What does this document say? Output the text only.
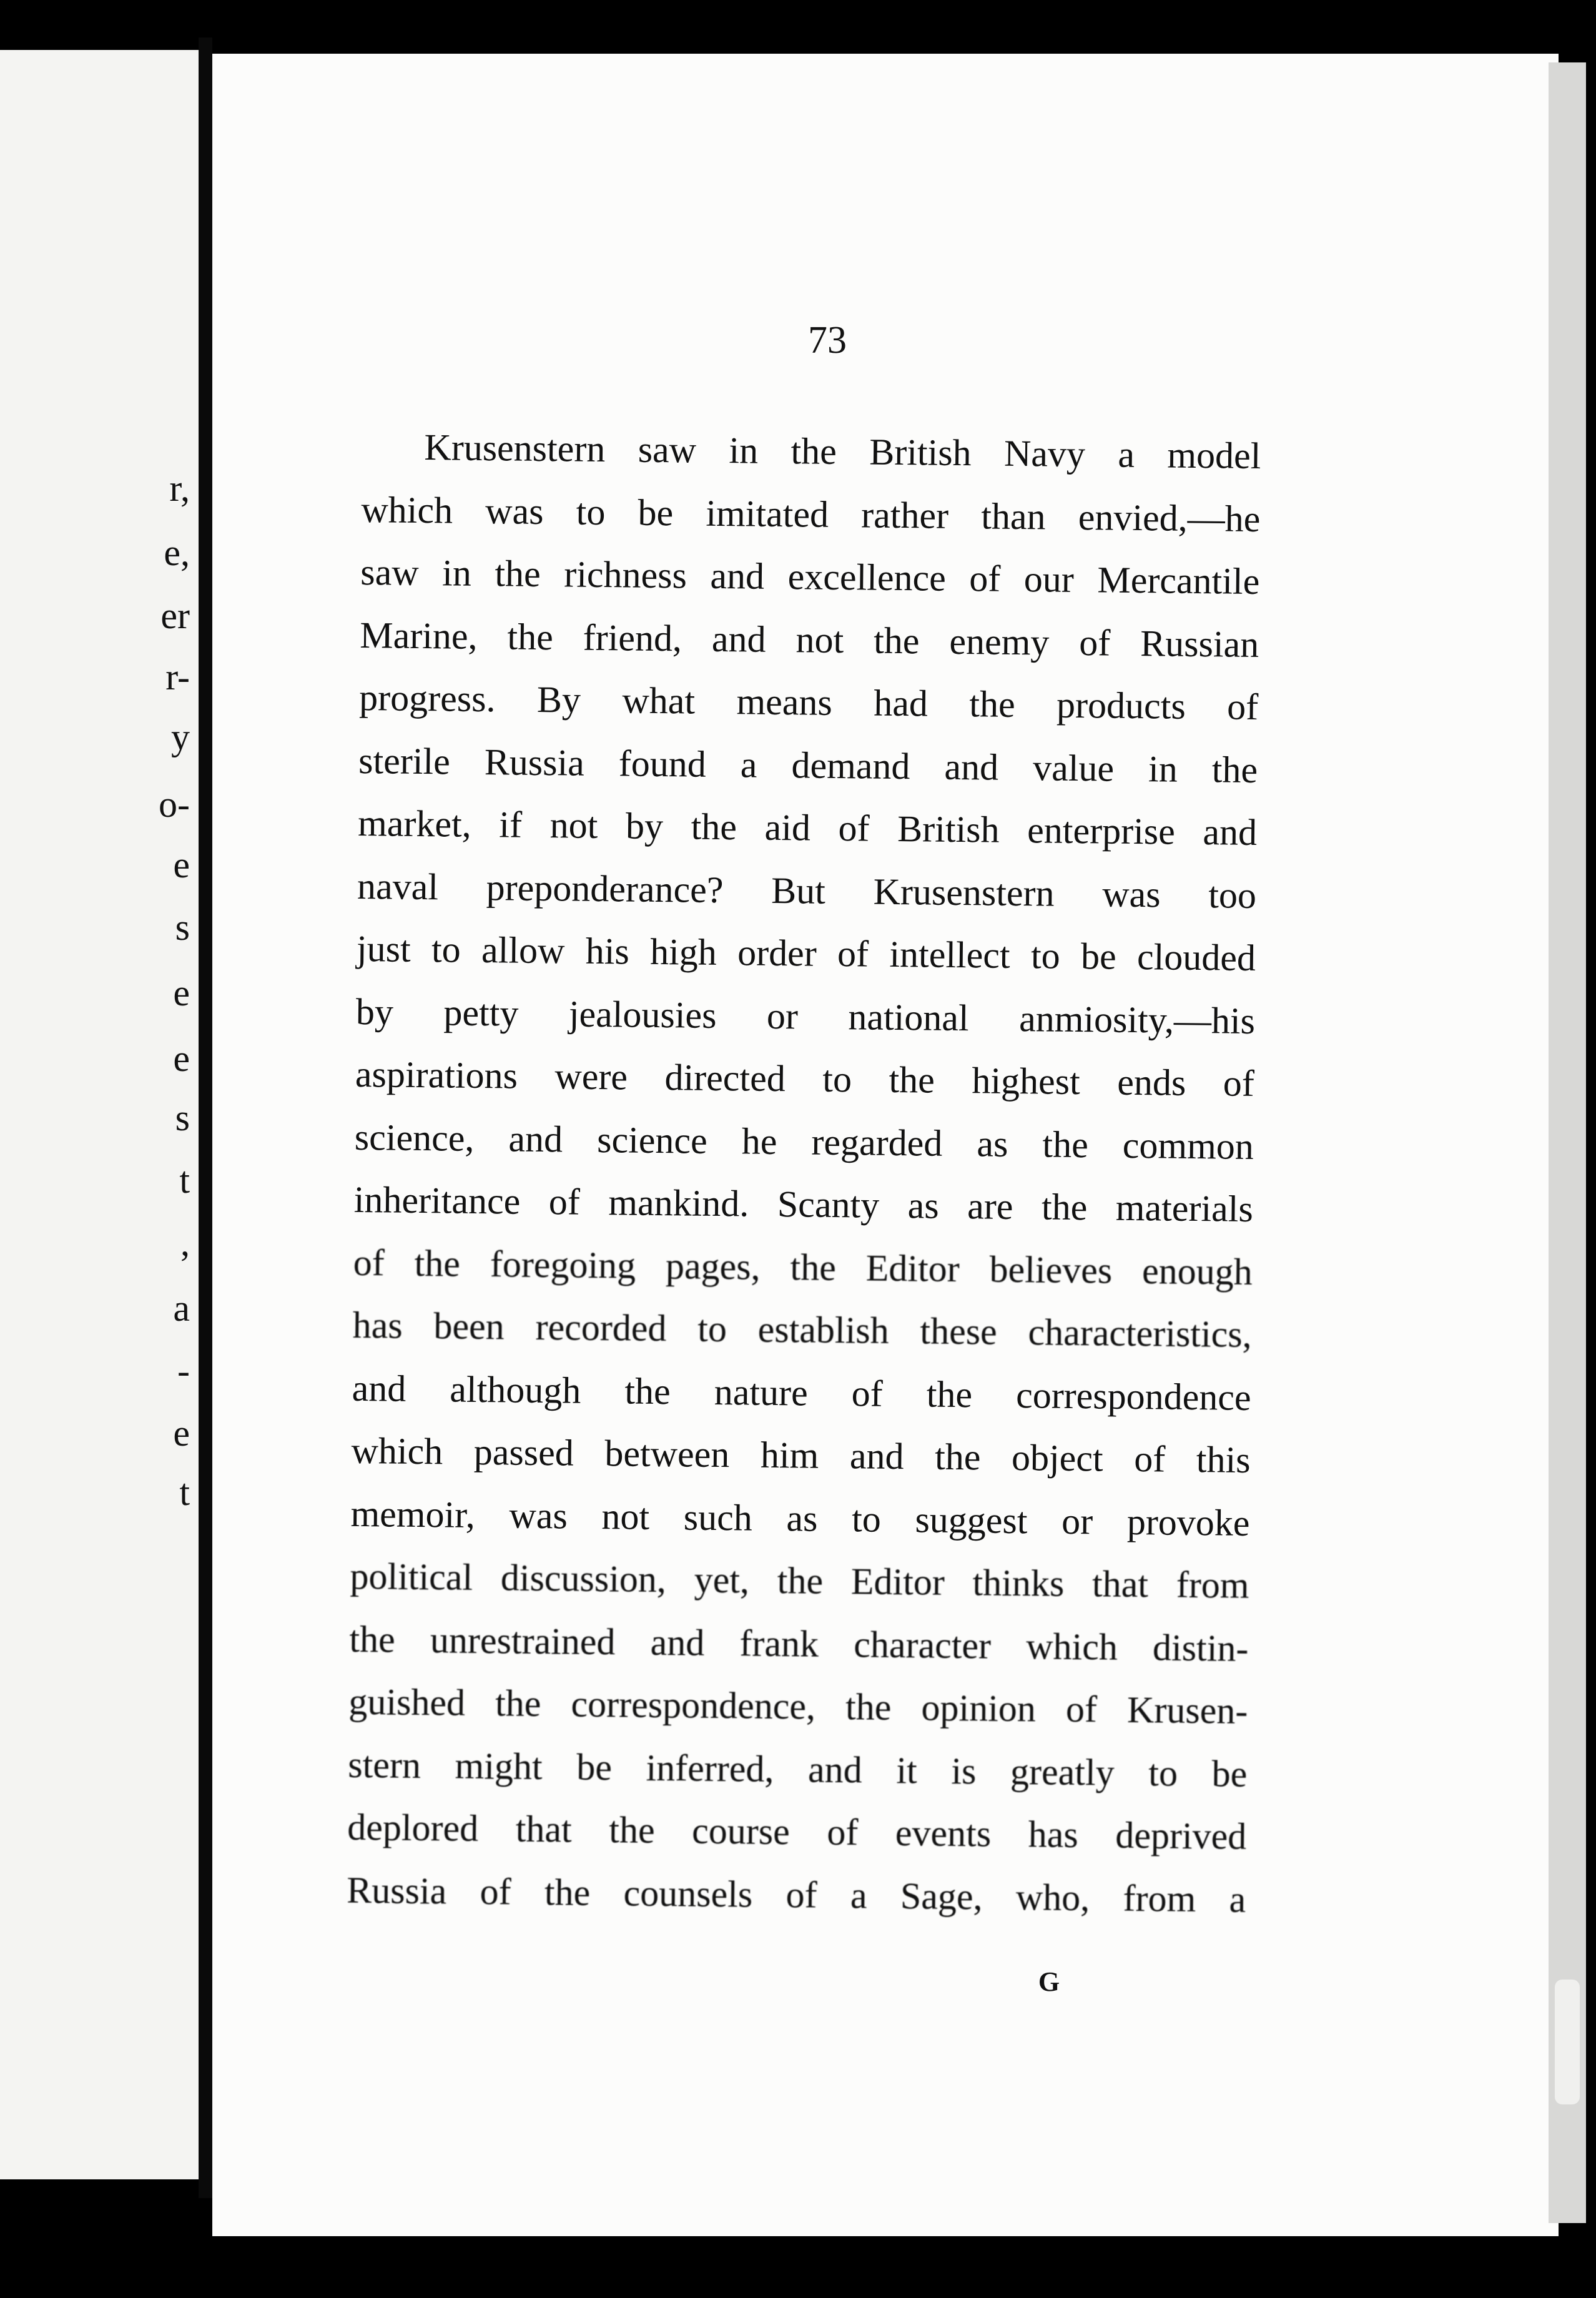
r,
e,
er
r-
y
o-
e
s
e
e
s
t
,
a
-
e
t
73
Krusenstern saw in the British Navy a model
which was to be imitated rather than envied,—he
saw in the richness and excellence of our Mercantile
Marine, the friend, and not the enemy of Russian
progress. By what means had the products of
sterile Russia found a demand and value in the
market, if not by the aid of British enterprise and
naval preponderance? But Krusenstern was too
just to allow his high order of intellect to be clouded
by petty jealousies or national anmiosity,—his
aspirations were directed to the highest ends of
science, and science he regarded as the common
inheritance of mankind. Scanty as are the materials
of the foregoing pages, the Editor believes enough
has been recorded to establish these characteristics,
and although the nature of the correspondence
which passed between him and the object of this
memoir, was not such as to suggest or provoke
political discussion, yet, the Editor thinks that from
the unrestrained and frank character which distin-
guished the correspondence, the opinion of Krusen-
stern might be inferred, and it is greatly to be
deplored that the course of events has deprived
Russia of the counsels of a Sage, who, from a
G
